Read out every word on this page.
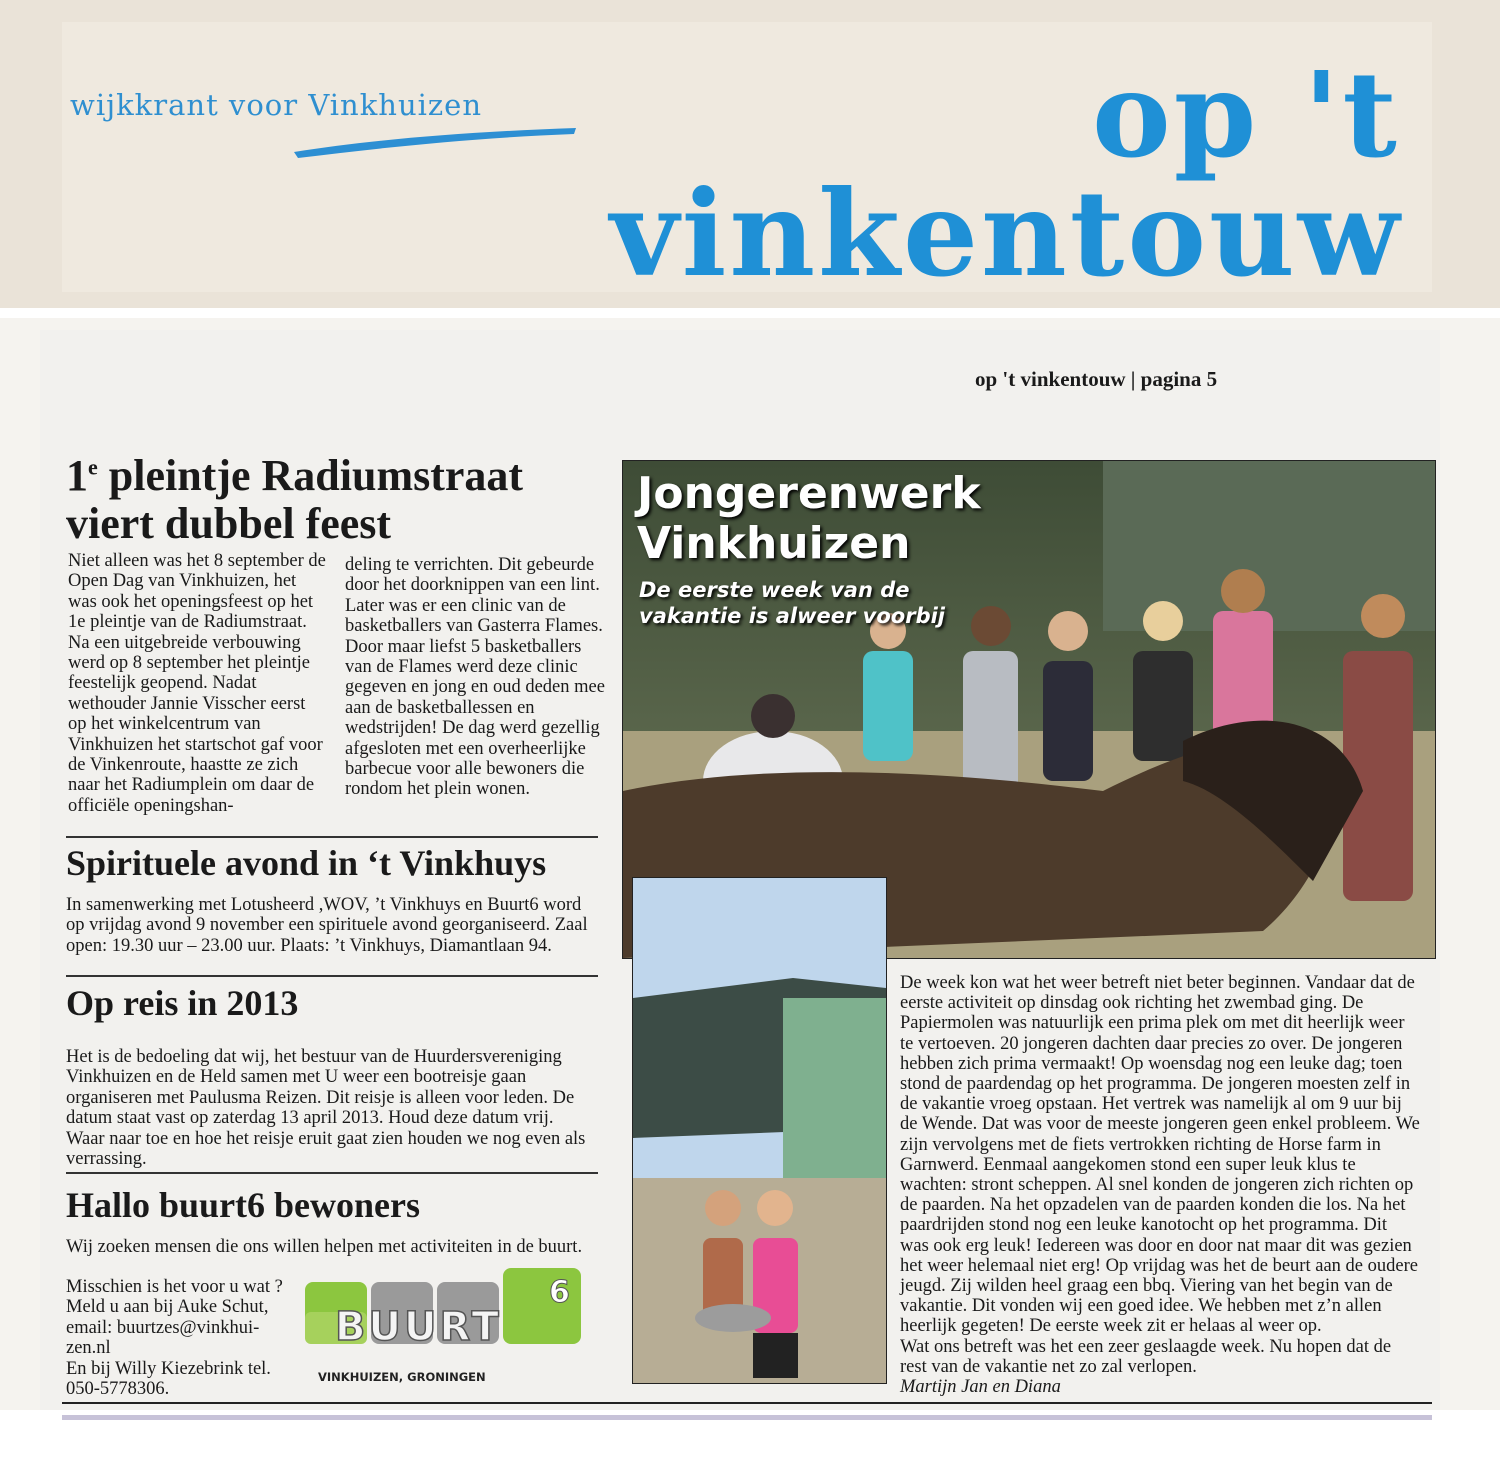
wijkkrant voor Vinkhuizen	op 't
vinkentouw
op 't vinkentouw | pagina 5
1e pleintje Radiumstraat viert dubbel feest
Niet alleen was het 8 september de Open Dag van Vinkhuizen, het was ook het openingsfeest op het 1e pleintje van de Radiumstraat. Na een uitgebreide verbouwing werd op 8 september het pleintje feestelijk geopend. Nadat wethouder Jannie Visscher eerst op het winkelcentrum van Vinkhuizen het startschot gaf voor de Vinkenroute, haastte ze zich naar het Radiumplein om daar de officiële openingshan-
deling te verrichten. Dit gebeurde door het doorknippen van een lint. Later was er een clinic van de basketballers van Gasterra Flames. Door maar liefst 5 basketballers van de Flames werd deze clinic gegeven en jong en oud deden mee aan de basketballessen en wedstrijden! De dag werd gezellig afgesloten met een overheerlijke barbecue voor alle bewoners die rondom het plein wonen.
Spirituele avond in ‘t Vinkhuys
In samenwerking met Lotusheerd ,WOV, ’t Vinkhuys en Buurt6 word op vrijdag avond 9 november een spirituele avond georganiseerd. Zaal open: 19.30 uur – 23.00 uur. Plaats: ’t Vinkhuys, Diamantlaan 94.
Op reis in 2013
Het is de bedoeling dat wij, het bestuur van de Huurdersvereniging Vinkhuizen en de Held samen met U weer een bootreisje gaan organiseren met Paulusma Reizen. Dit reisje is alleen voor leden. De datum staat vast op zaterdag 13 april 2013. Houd deze datum vrij. Waar naar toe en hoe het reisje eruit gaat zien houden we nog even als verrassing.
Hallo buurt6 bewoners
Wij zoeken mensen die ons willen helpen met activiteiten in de buurt.
Misschien is het voor u wat ?
Meld u aan bij Auke Schut,
email: buurtzes@vinkhui-
zen.nl
En bij Willy Kiezebrink tel.
050-5778306.
BUURT
6
VINKHUIZEN, GRONINGEN
Jongerenwerk
Vinkhuizen
De eerste week van de
vakantie is alweer voorbij
De week kon wat het weer betreft niet beter beginnen. Vandaar dat de eerste activiteit op dinsdag ook richting het zwembad ging. De Papiermolen was natuurlijk een prima plek om met dit heerlijk weer te vertoeven. 20 jongeren dachten daar precies zo over. De jongeren hebben zich prima vermaakt! Op woensdag nog een leuke dag; toen stond de paardendag op het programma. De jongeren moesten zelf in de vakantie vroeg opstaan. Het vertrek was namelijk al om 9 uur bij de Wende. Dat was voor de meeste jongeren geen enkel probleem. We zijn vervolgens met de fiets vertrokken richting de Horse farm in Garnwerd. Eenmaal aangekomen stond een super leuk klus te wachten: stront scheppen. Al snel konden de jongeren zich richten op de paarden. Na het opzadelen van de paarden konden die los. Na het paardrijden stond nog een leuke kanotocht op het programma. Dit was ook erg leuk! Iedereen was door en door nat maar dit was gezien het weer helemaal niet erg! Op vrijdag was het de beurt aan de oudere jeugd. Zij wilden heel graag een bbq. Viering van het begin van de vakantie. Dit vonden wij een goed idee. We hebben met z’n allen heerlijk gegeten! De eerste week zit er helaas al weer op.
Wat ons betreft was het een zeer geslaagde week. Nu hopen dat de rest van de vakantie net zo zal verlopen.
Martijn Jan en Diana
